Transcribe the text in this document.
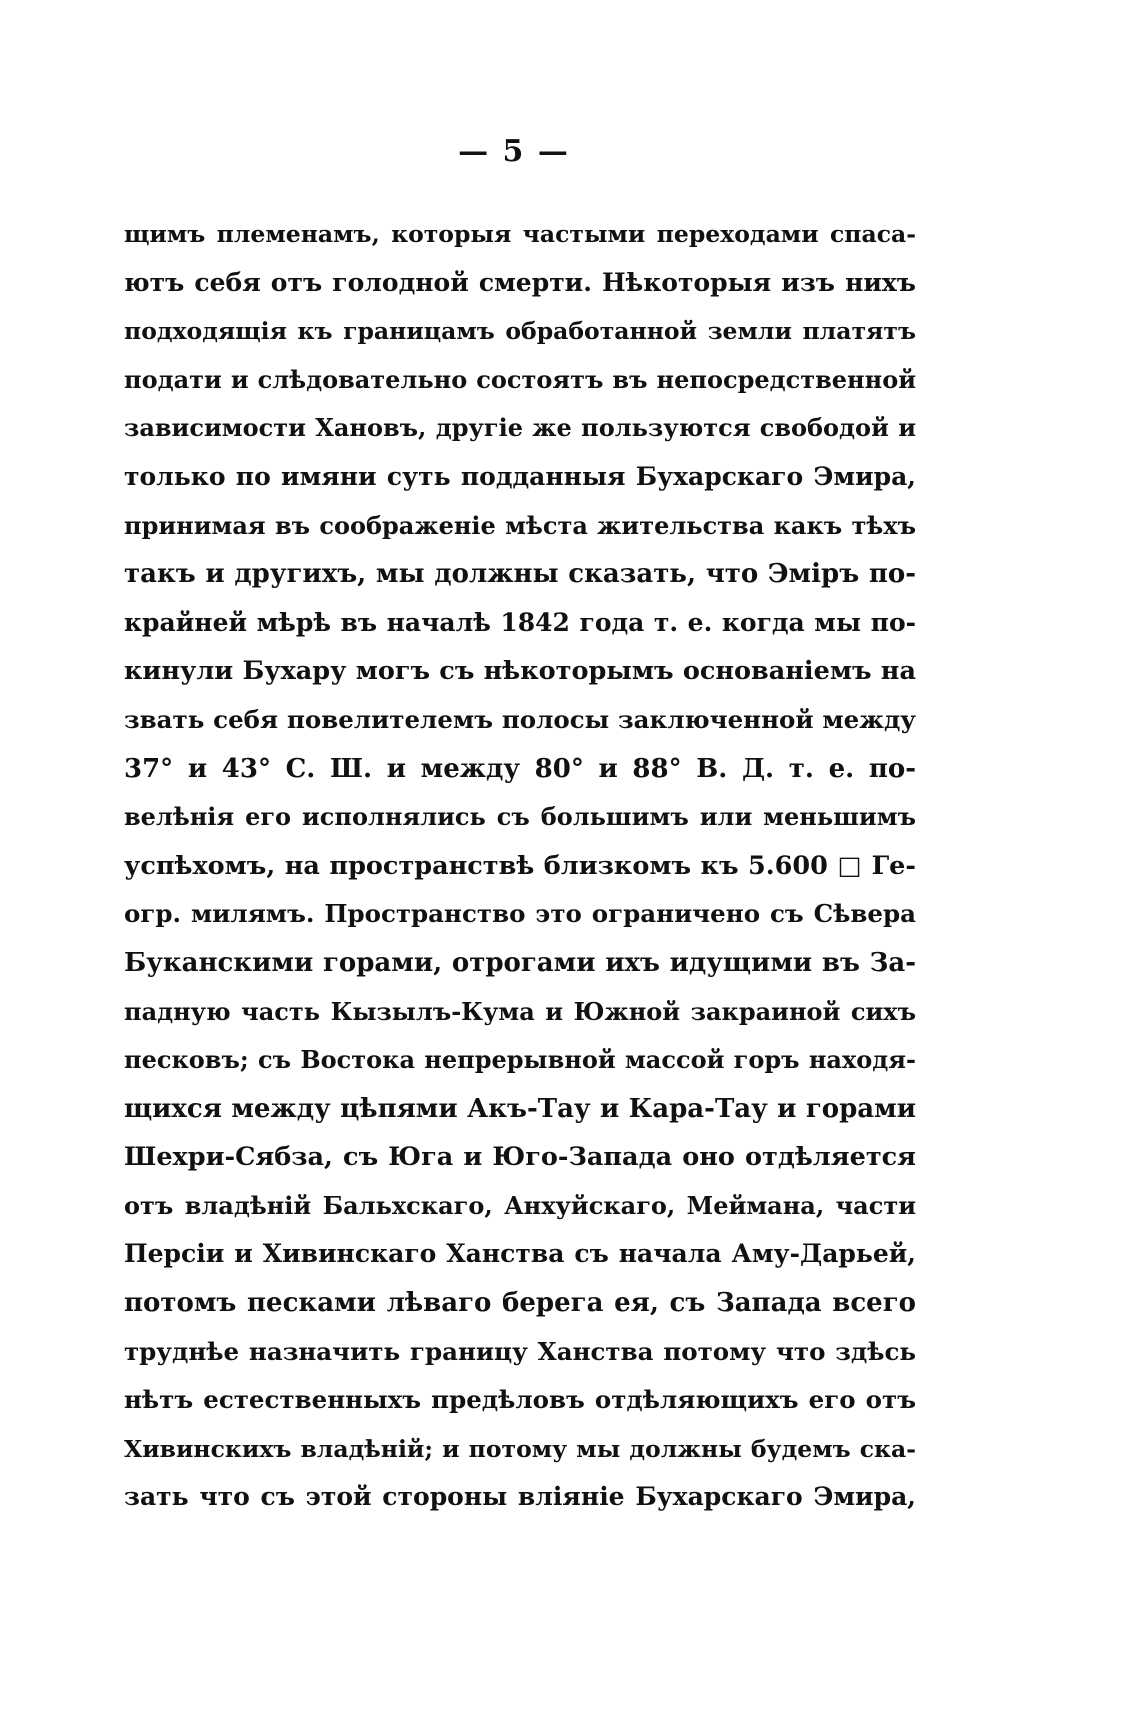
— 5 —
щимъ племенамъ, которыя частыми переходами спаса-
ютъ себя отъ голодной смерти. Нѣкоторыя изъ нихъ
подходящія къ границамъ обработанной земли платятъ
подати и слѣдовательно состоятъ въ непосредственной
зависимости Хановъ, другіе же пользуются свободой и
только по имяни суть подданныя Бухарскаго Эмира,
принимая въ соображеніе мѣста жительства какъ тѣхъ
такъ и другихъ, мы должны сказать, что Эміръ по-
крайней мѣрѣ въ началѣ 1842 года т. е. когда мы по-
кинули Бухару могъ съ нѣкоторымъ основаніемъ на
звать себя повелителемъ полосы заключенной между
37° и 43° С. Ш. и между 80° и 88° В. Д. т. е. по-
велѣнія его исполнялись съ большимъ или меньшимъ
успѣхомъ, на пространствѣ близкомъ къ 5.600 □ Ге-
огр. милямъ. Пространство это ограничено съ Сѣвера
Буканскими горами, отрогами ихъ идущими въ За-
падную часть Кызылъ-Кума и Южной закраиной сихъ
песковъ; съ Востока непрерывной массой горъ находя-
щихся между цѣпями Акъ-Тау и Кара-Тау и горами
Шехри-Сябза, съ Юга и Юго-Запада оно отдѣляется
отъ владѣній Бальхскаго, Анхуйскаго, Меймана, части
Персіи и Хивинскаго Ханства съ начала Аму-Дарьей,
потомъ песками лѣваго берега ея, съ Запада всего
труднѣе назначить границу Ханства потому что здѣсь
нѣтъ естественныхъ предѣловъ отдѣляющихъ его отъ
Хивинскихъ владѣній; и потому мы должны будемъ ска-
зать что съ этой стороны вліяніе Бухарскаго Эмира,
